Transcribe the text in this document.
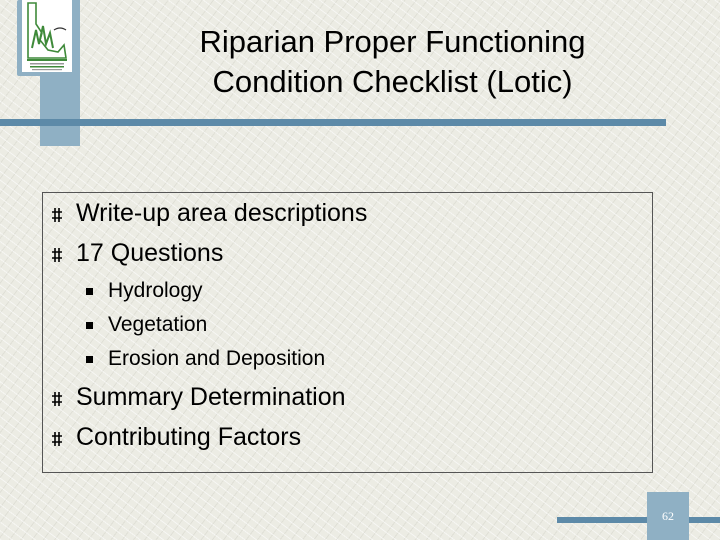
Riparian Proper Functioning
Condition Checklist (Lotic)
Write-up area descriptions
17 Questions
Hydrology
Vegetation
Erosion and Deposition
Summary Determination
Contributing Factors
62
